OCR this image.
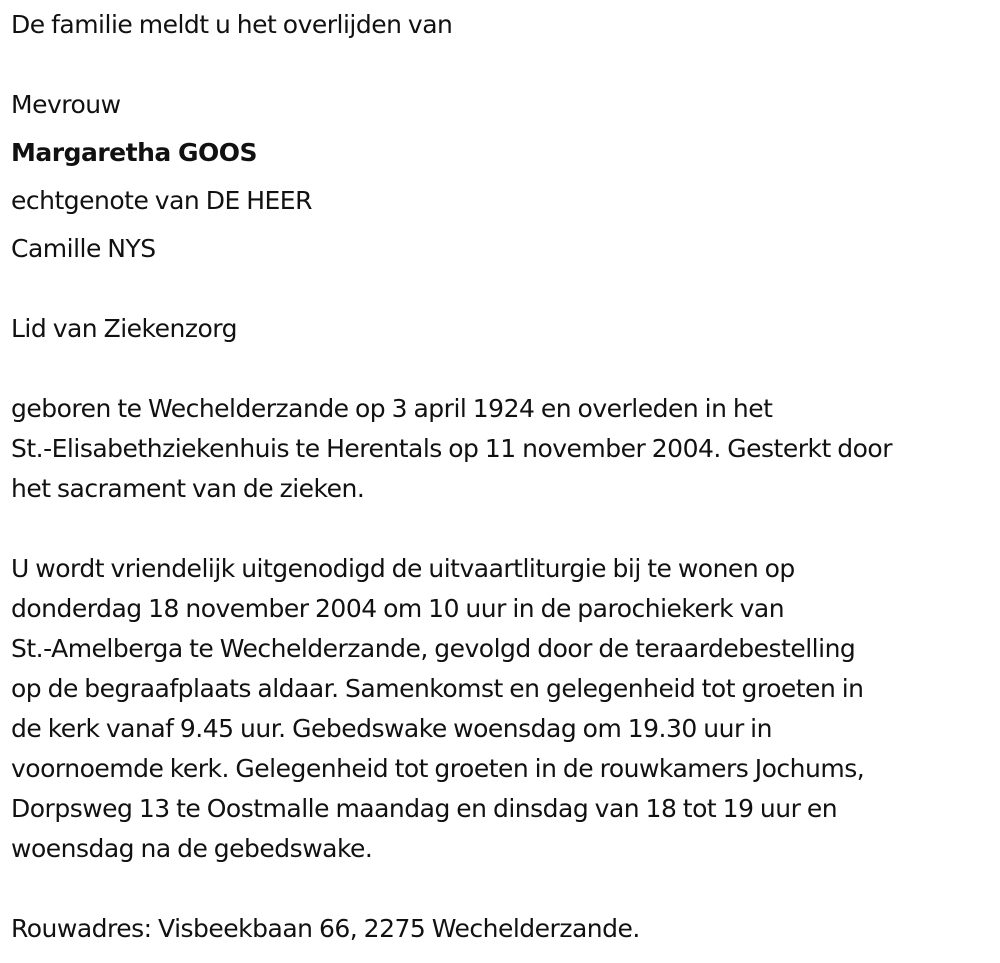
De familie meldt u het overlijden van
Mevrouw
Margaretha GOOS
echtgenote van DE HEER
Camille NYS
Lid van Ziekenzorg
geboren te Wechelderzande op 3 april 1924 en overleden in het
St.-Elisabethziekenhuis te Herentals op 11 november 2004. Gesterkt door
het sacrament van de zieken.
U wordt vriendelijk uitgenodigd de uitvaartliturgie bij te wonen op
donderdag 18 november 2004 om 10 uur in de parochiekerk van
St.-Amelberga te Wechelderzande, gevolgd door de teraardebestelling
op de begraafplaats aldaar. Samenkomst en gelegenheid tot groeten in
de kerk vanaf 9.45 uur. Gebedswake woensdag om 19.30 uur in
voornoemde kerk. Gelegenheid tot groeten in de rouwkamers Jochums,
Dorpsweg 13 te Oostmalle maandag en dinsdag van 18 tot 19 uur en
woensdag na de gebedswake.
Rouwadres: Visbeekbaan 66, 2275 Wechelderzande.
